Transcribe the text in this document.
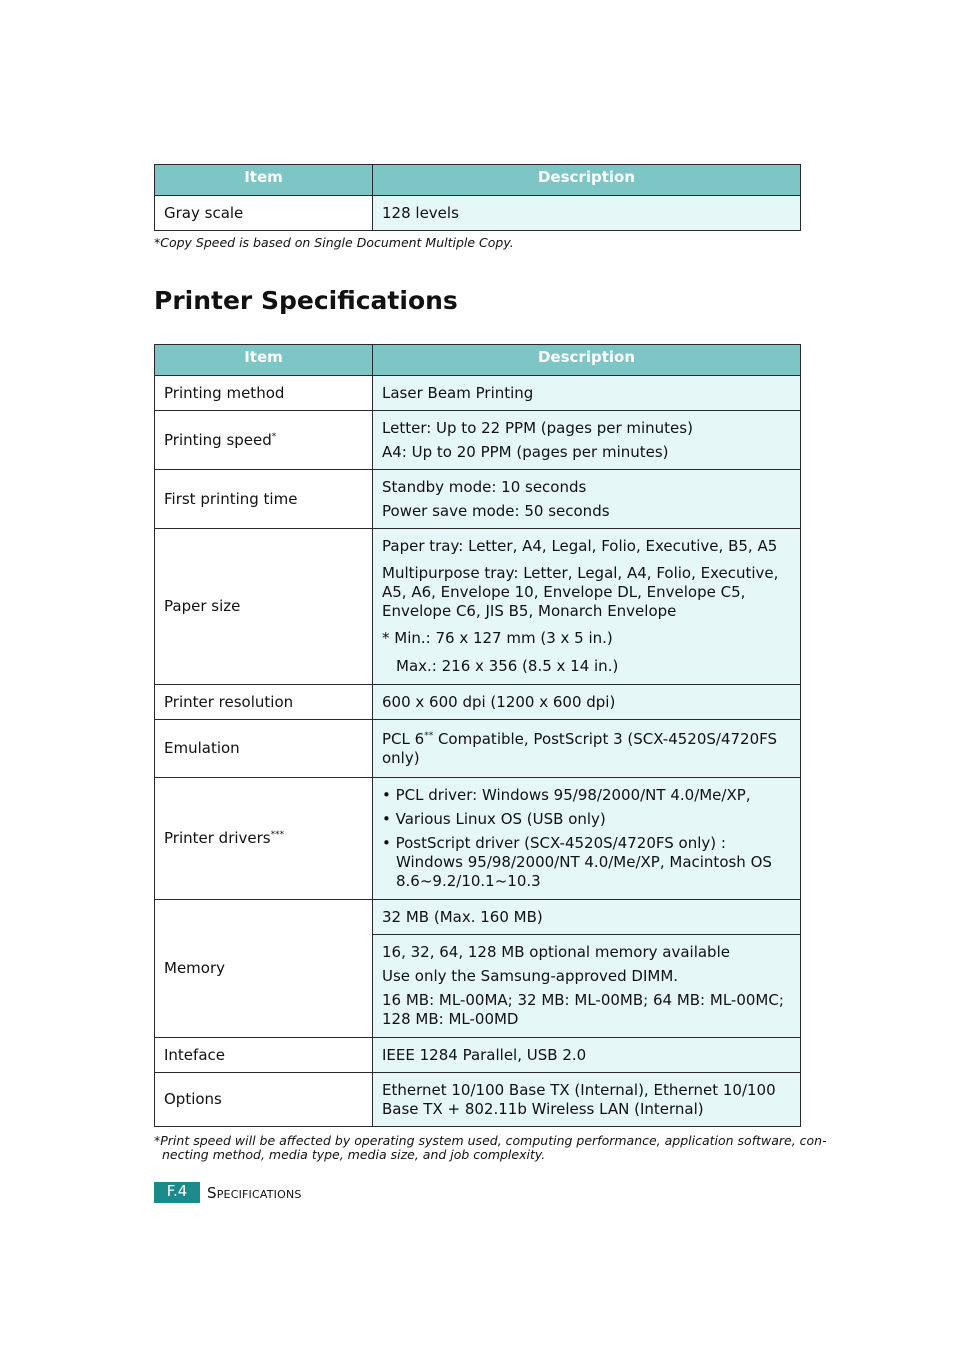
Item	Description
Gray scale	128 levels
*Copy Speed is based on Single Document Multiple Copy.
Printer Specifications
Item	Description
Printing method	Laser Beam Printing

Printing speed*	Letter: Up to 22 PPM (pages per minutes)
A4: Up to 20 PPM (pages per minutes)

First printing time	Standby mode: 10 seconds
Power save mode: 50 seconds

Paper size	Paper tray: Letter, A4, Legal, Folio, Executive, B5, A5
Multipurpose tray: Letter, Legal, A4, Folio, Executive, A5, A6, Envelope 10, Envelope DL, Envelope C5, Envelope C6, JIS B5, Monarch Envelope
* Min.: 76 x 127 mm (3 x 5 in.)
Max.: 216 x 356 (8.5 x 14 in.)

Printer resolution	600 x 600 dpi (1200 x 600 dpi)

Emulation	PCL 6** Compatible, PostScript 3 (SCX-4520S/4720FS only)

Printer drivers***	• PCL driver: Windows 95/98/2000/NT 4.0/Me/XP,
• Various Linux OS (USB only)
• PostScript driver (SCX-4520S/4720FS only) : Windows 95/98/2000/NT 4.0/Me/XP, Macintosh OS 8.6~9.2/10.1~10.3

Memory	32 MB (Max. 160 MB)

	16, 32, 64, 128 MB optional memory available
Use only the Samsung-approved DIMM.
16 MB: ML-00MA; 32 MB: ML-00MB; 64 MB: ML-00MC; 128 MB: ML-00MD

Inteface	IEEE 1284 Parallel, USB 2.0

Options	Ethernet 10/100 Base TX (Internal), Ethernet 10/100 Base TX + 802.11b Wireless LAN (Internal)
*Print speed will be affected by operating system used, computing performance, application software, con-
necting method, media type, media size, and job complexity.
F.4	Specifications
